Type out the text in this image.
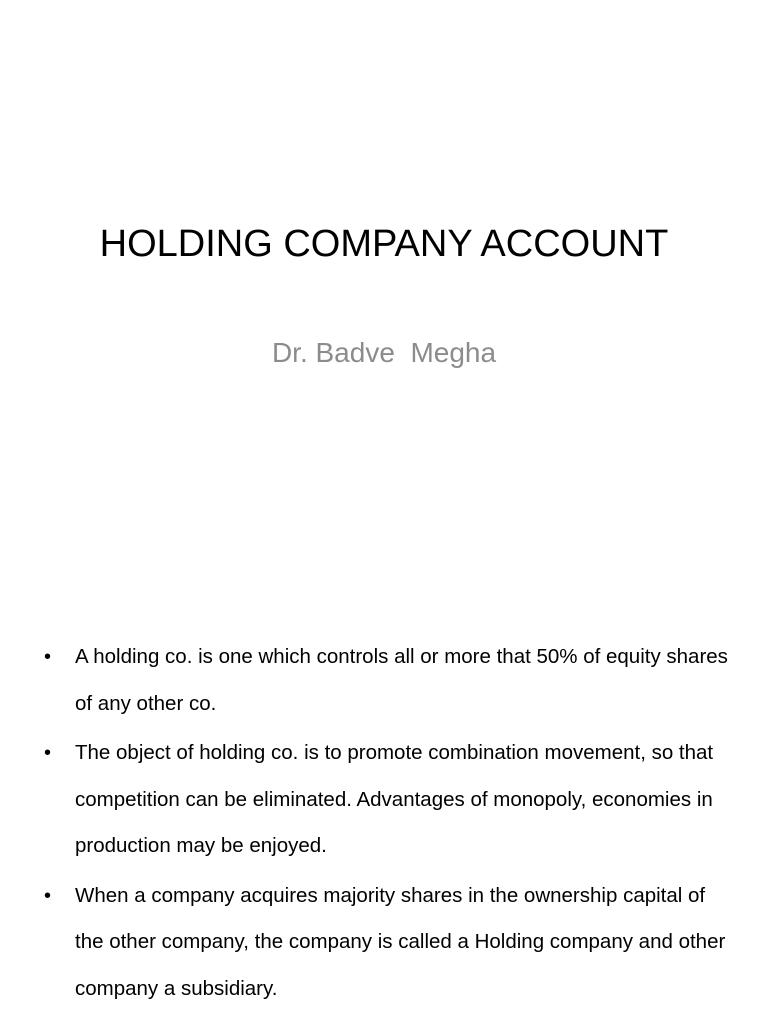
HOLDING COMPANY ACCOUNT
Dr. Badve  Megha
• A holding co. is one which controls all or more that 50% of equity shares of any other co.
• The object of holding co. is to promote combination movement, so that competition can be eliminated. Advantages of monopoly, economies in production may be enjoyed.
• When a company acquires majority shares in the ownership capital of the other company, the company is called a Holding company and other company a subsidiary.
